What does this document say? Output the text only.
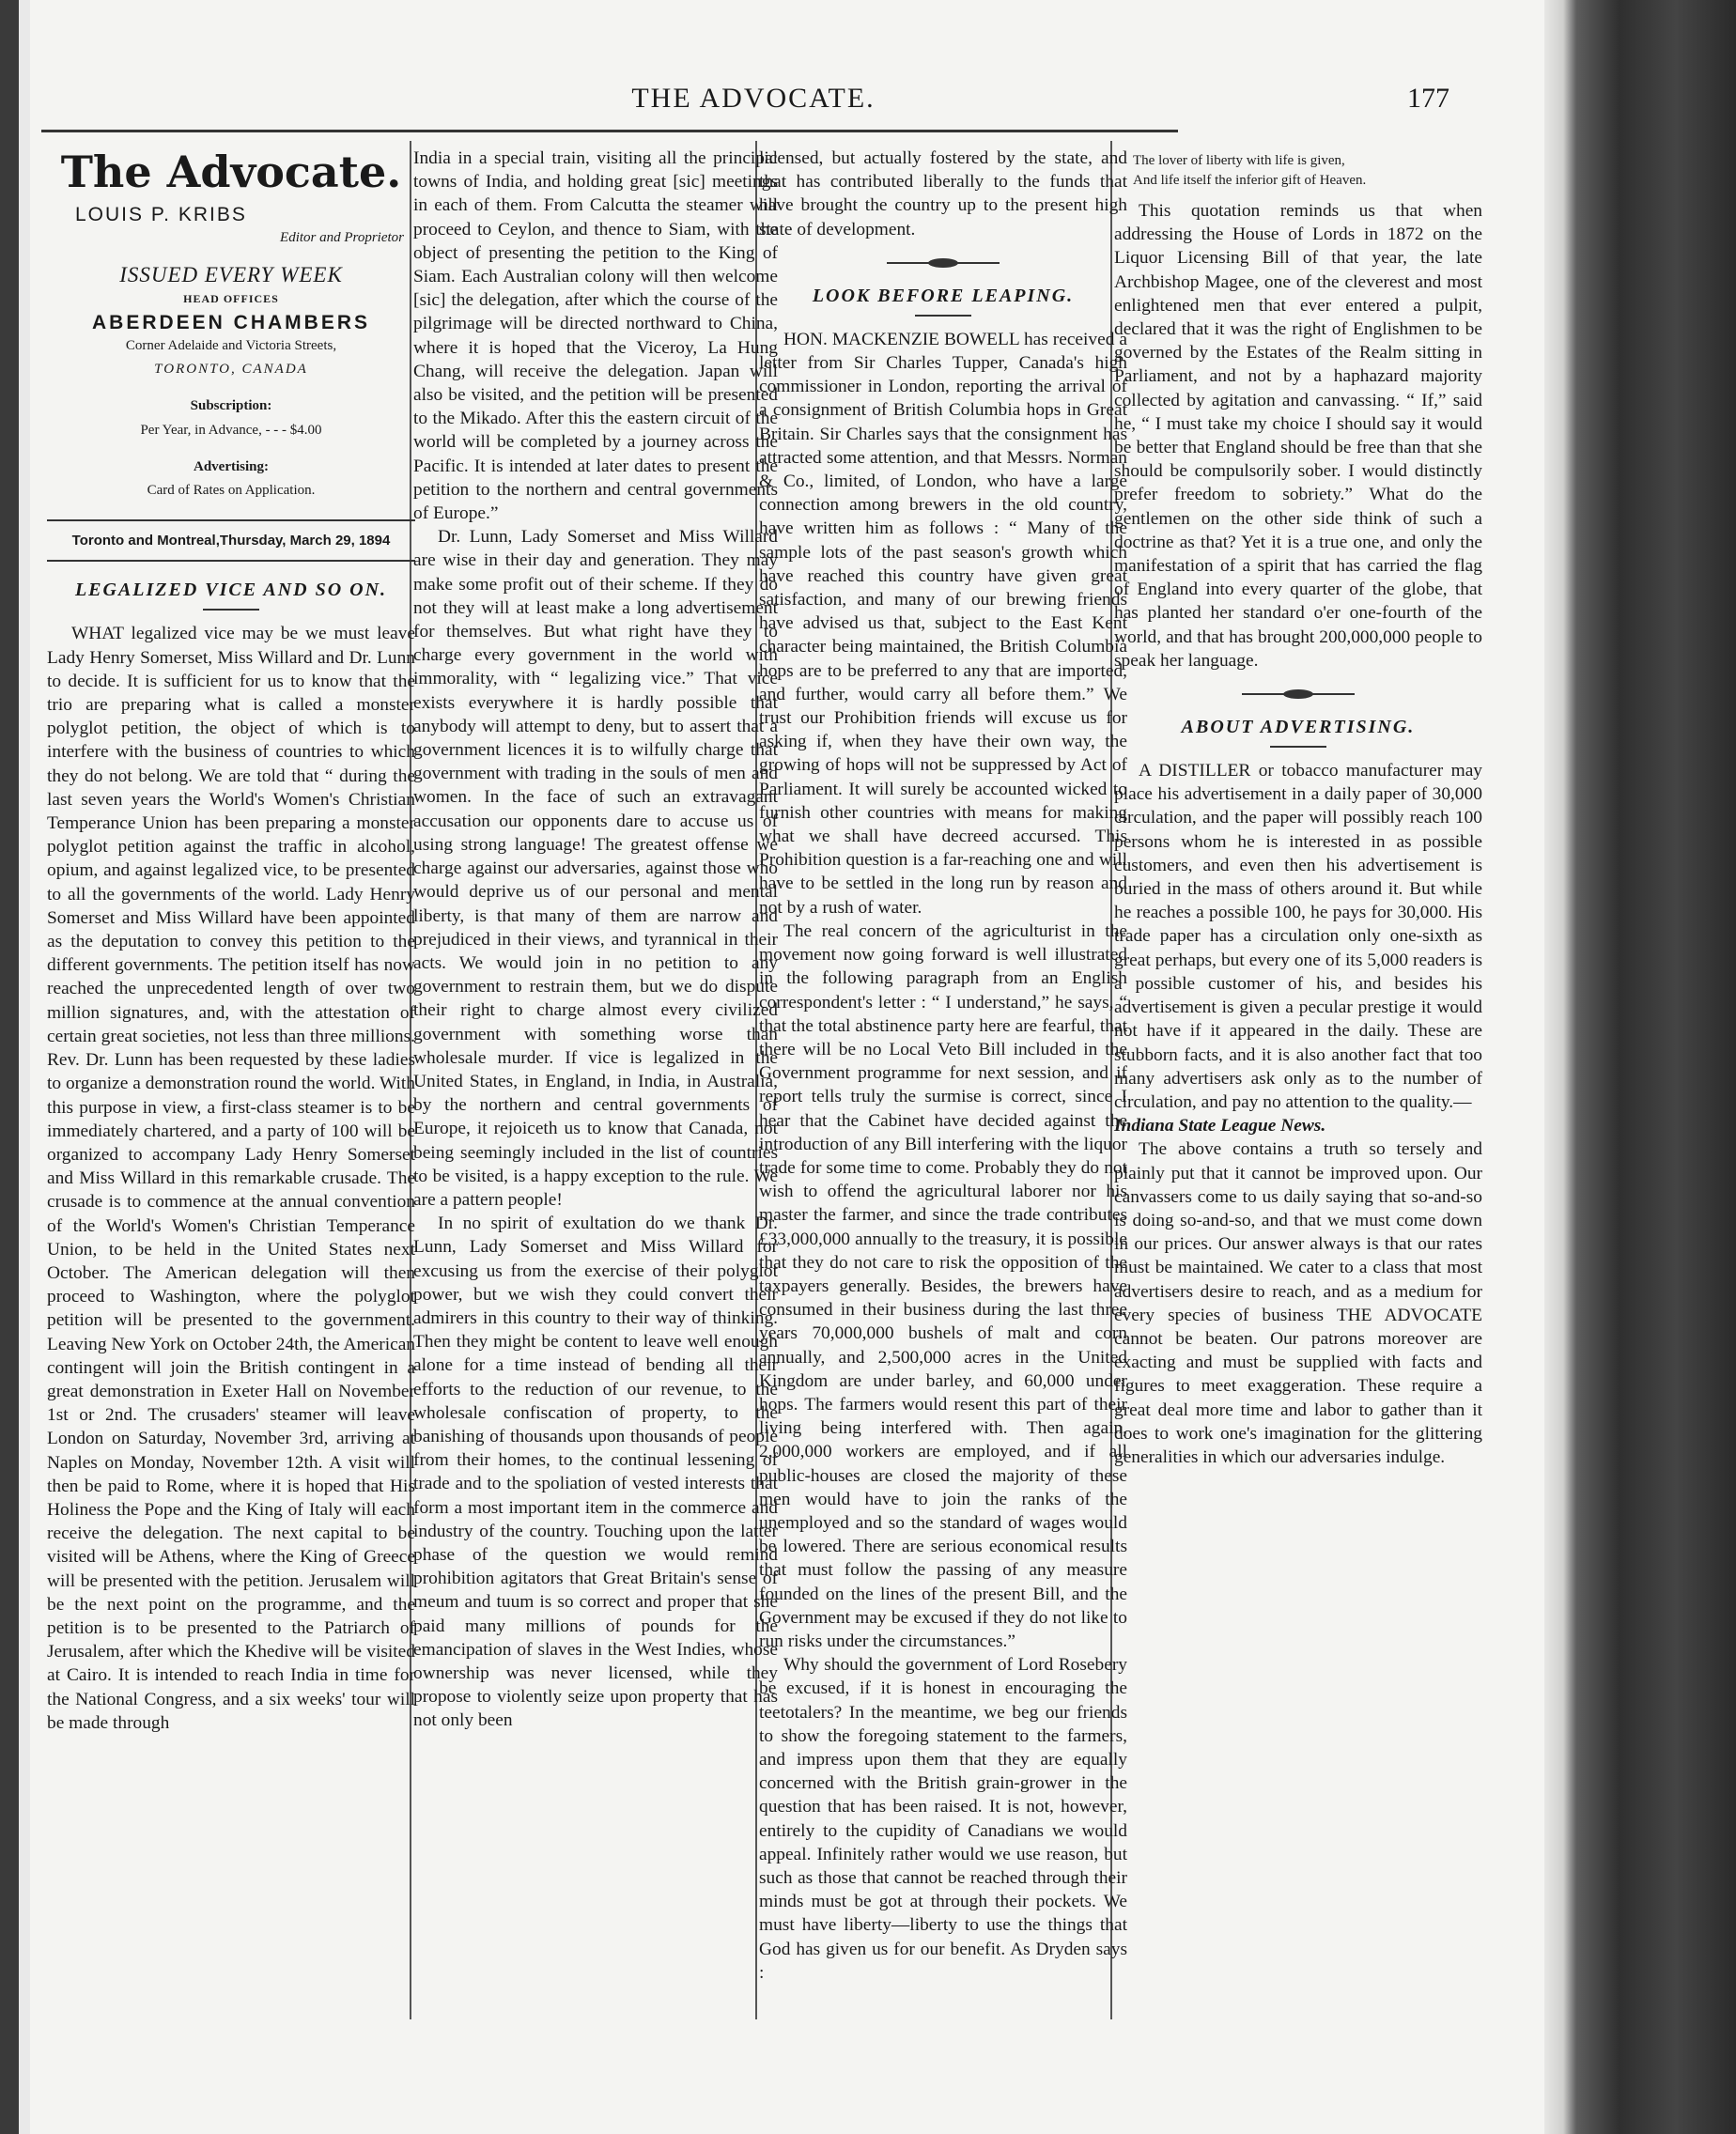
THE ADVOCATE.	177
The Advocate.
LOUIS P. KRIBS
Editor and Proprietor
ISSUED EVERY WEEK
HEAD OFFICES
ABERDEEN CHAMBERS
Corner Adelaide and Victoria Streets,
TORONTO, CANADA
Subscription:
Per Year, in Advance, - - - $4.00
Advertising:
Card of Rates on Application.
Toronto and Montreal,Thursday, March 29, 1894
LEGALIZED VICE AND SO ON.

WHAT legalized vice may be we must leave Lady Henry Somerset, Miss Willard and Dr. Lunn to decide. It is sufficient for us to know that the trio are preparing what is called a monster polyglot petition, the object of which is to interfere with the business of countries to which they do not belong. We are told that “ during the last seven years the World's Women's Christian Temperance Union has been preparing a monster polyglot petition against the traffic in alcohol, opium, and against legalized vice, to be presented to all the governments of the world. Lady Henry Somerset and Miss Willard have been appointed as the deputation to convey this petition to the different governments. The petition itself has now reached the unprecedented length of over two million signatures, and, with the attestation of certain great societies, not less than three millions. Rev. Dr. Lunn has been requested by these ladies to organize a demonstration round the world. With this purpose in view, a first-class steamer is to be immediately chartered, and a party of 100 will be organized to accompany Lady Henry Somerset and Miss Willard in this remarkable crusade. The crusade is to commence at the annual convention of the World's Women's Christian Temperance Union, to be held in the United States next October. The American delegation will then proceed to Washington, where the polyglot petition will be presented to the government. Leaving New York on October 24th, the American contingent will join the British contingent in a great demonstration in Exeter Hall on November 1st or 2nd. The crusaders' steamer will leave London on Saturday, November 3rd, arriving at Naples on Monday, November 12th. A visit will then be paid to Rome, where it is hoped that His Holiness the Pope and the King of Italy will each receive the delegation. The next capital to be visited will be Athens, where the King of Greece will be presented with the petition. Jerusalem will be the next point on the programme, and the petition is to be presented to the Patriarch of Jerusalem, after which the Khedive will be visited at Cairo. It is intended to reach India in time for the National Congress, and a six weeks' tour will be made through

India in a special train, visiting all the principal towns of India, and holding great [sic] meetings in each of them. From Calcutta the steamer will proceed to Ceylon, and thence to Siam, with the object of presenting the petition to the King of Siam. Each Australian colony will then welcome [sic] the delegation, after which the course of the pilgrimage will be directed northward to China, where it is hoped that the Viceroy, La Hung Chang, will receive the delegation. Japan will also be visited, and the petition will be presented to the Mikado. After this the eastern circuit of the world will be completed by a journey across the Pacific. It is intended at later dates to present the petition to the northern and central governments of Europe.”

Dr. Lunn, Lady Somerset and Miss Willard are wise in their day and generation. They may make some profit out of their scheme. If they do not they will at least make a long advertisement for themselves. But what right have they to charge every government in the world with immorality, with “ legalizing vice.” That vice exists everywhere it is hardly possible that anybody will attempt to deny, but to assert that a government licences it is to wilfully charge that government with trading in the souls of men and women. In the face of such an extravagant accusation our opponents dare to accuse us of using strong language! The greatest offense we charge against our adversaries, against those who would deprive us of our personal and mental liberty, is that many of them are narrow and prejudiced in their views, and tyrannical in their acts. We would join in no petition to any government to restrain them, but we do dispute their right to charge almost every civilized government with something worse than wholesale murder. If vice is legalized in the United States, in England, in India, in Australia, by the northern and central governments of Europe, it rejoiceth us to know that Canada, not being seemingly included in the list of countries to be visited, is a happy exception to the rule. We are a pattern people!

In no spirit of exultation do we thank Dr. Lunn, Lady Somerset and Miss Willard for excusing us from the exercise of their polyglot power, but we wish they could convert their admirers in this country to their way of thinking. Then they might be content to leave well enough alone for a time instead of bending all their efforts to the reduction of our revenue, to the wholesale confiscation of property, to the banishing of thousands upon thousands of people from their homes, to the continual lessening of trade and to the spoliation of vested interests that form a most important item in the commerce and industry of the country. Touching upon the latter phase of the question we would remind prohibition agitators that Great Britain's sense of meum and tuum is so correct and proper that she paid many millions of pounds for the emancipation of slaves in the West Indies, whose ownership was never licensed, while they propose to violently seize upon property that has not only been

licensed, but actually fostered by the state, and that has contributed liberally to the funds that have brought the country up to the present high state of development.

LOOK BEFORE LEAPING.

HON. MACKENZIE BOWELL has received a letter from Sir Charles Tupper, Canada's high commissioner in London, reporting the arrival of a consignment of British Columbia hops in Great Britain. Sir Charles says that the consignment has attracted some attention, and that Messrs. Norman & Co., limited, of London, who have a large connection among brewers in the old country, have written him as follows : “ Many of the sample lots of the past season's growth which have reached this country have given great satisfaction, and many of our brewing friends have advised us that, subject to the East Kent character being maintained, the British Columbia hops are to be preferred to any that are imported, and further, would carry all before them.” We trust our Prohibition friends will excuse us for asking if, when they have their own way, the growing of hops will not be suppressed by Act of Parliament. It will surely be accounted wicked to furnish other countries with means for making what we shall have decreed accursed. This Prohibition question is a far-reaching one and will have to be settled in the long run by reason and not by a rush of water.

The real concern of the agriculturist in the movement now going forward is well illustrated in the following paragraph from an English correspondent's letter : “ I understand,” he says, “ that the total abstinence party here are fearful, that there will be no Local Veto Bill included in the Government programme for next session, and if report tells truly the surmise is correct, since I hear that the Cabinet have decided against the introduction of any Bill interfering with the liquor trade for some time to come. Probably they do not wish to offend the agricultural laborer nor his master the farmer, and since the trade contributes £33,000,000 annually to the treasury, it is possible that they do not care to risk the opposition of the taxpayers generally. Besides, the brewers have consumed in their business during the last three years 70,000,000 bushels of malt and corn annually, and 2,500,000 acres in the United Kingdom are under barley, and 60,000 under hops. The farmers would resent this part of their living being interfered with. Then again, 2,000,000 workers are employed, and if all public-houses are closed the majority of these men would have to join the ranks of the unemployed and so the standard of wages would be lowered. There are serious economical results that must follow the passing of any measure founded on the lines of the present Bill, and the Government may be excused if they do not like to run risks under the circumstances.”

Why should the government of Lord Rosebery be excused, if it is honest in encouraging the teetotalers? In the meantime, we beg our friends to show the foregoing statement to the farmers, and impress upon them that they are equally concerned with the British grain-grower in the question that has been raised. It is not, however, entirely to the cupidity of Canadians we would appeal. Infinitely rather would we use reason, but such as those that cannot be reached through their minds must be got at through their pockets. We must have liberty—liberty to use the things that God has given us for our benefit. As Dryden says :

The lover of liberty with life is given,
And life itself the inferior gift of Heaven.

This quotation reminds us that when addressing the House of Lords in 1872 on the Liquor Licensing Bill of that year, the late Archbishop Magee, one of the cleverest and most enlightened men that ever entered a pulpit, declared that it was the right of Englishmen to be governed by the Estates of the Realm sitting in Parliament, and not by a haphazard majority collected by agitation and canvassing. “ If,” said he, “ I must take my choice I should say it would be better that England should be free than that she should be compulsorily sober. I would distinctly prefer freedom to sobriety.” What do the gentlemen on the other side think of such a doctrine as that? Yet it is a true one, and only the manifestation of a spirit that has carried the flag of England into every quarter of the globe, that has planted her standard o'er one-fourth of the world, and that has brought 200,000,000 people to speak her language.

ABOUT ADVERTISING.

A DISTILLER or tobacco manufacturer may place his advertisement in a daily paper of 30,000 circulation, and the paper will possibly reach 100 persons whom he is interested in as possible customers, and even then his advertisement is buried in the mass of others around it. But while he reaches a possible 100, he pays for 30,000. His trade paper has a circulation only one-sixth as great perhaps, but every one of its 5,000 readers is a possible customer of his, and besides his advertisement is given a pecular prestige it would not have if it appeared in the daily. These are stubborn facts, and it is also another fact that too many advertisers ask only as to the number of circulation, and pay no attention to the quality.—

Indiana State League News.

The above contains a truth so tersely and plainly put that it cannot be improved upon. Our canvassers come to us daily saying that so-and-so is doing so-and-so, and that we must come down in our prices. Our answer always is that our rates must be maintained. We cater to a class that most advertisers desire to reach, and as a medium for every species of business THE ADVOCATE cannot be beaten. Our patrons moreover are exacting and must be supplied with facts and figures to meet exaggeration. These require a great deal more time and labor to gather than it does to work one's imagination for the glittering generalities in which our adversaries indulge.
